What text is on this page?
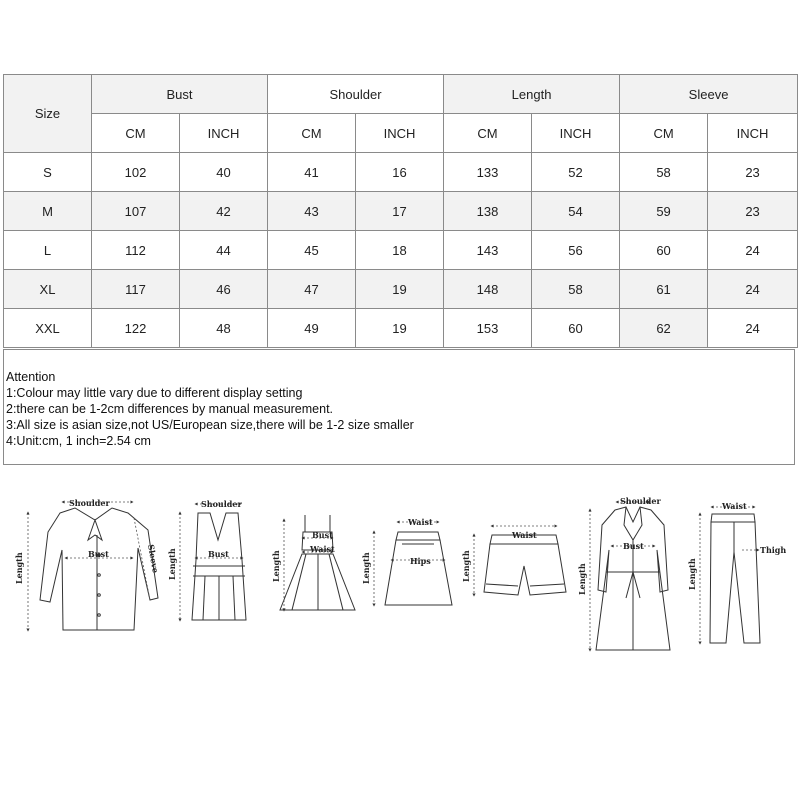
Size	Bust		Shoulder		Length		Sleeve	
	CM	INCH	CM	INCH	CM	INCH	CM	INCH
S	102	40	41	16	133	52	58	23
M	107	42	43	17	138	54	59	23
L	112	44	45	18	143	56	60	24
XL	117	46	47	19	148	58	61	24
XXL	122	48	49	19	153	60	62	24
Attention
1:Colour may little vary due to different display setting
2:there can be 1-2cm differences by manual measurement.
3:All size is asian size,not US/European size,there will be 1-2 size smaller
4:Unit:cm, 1 inch=2.54 cm
Shoulder
Bust
Length	Sleeve
Shoulder
Bust
Length
Bust
Waist
Length
Waist
Hips
Length
Waist
Length
Shoulder
Bust
Length
Waist
Thigh
Length
